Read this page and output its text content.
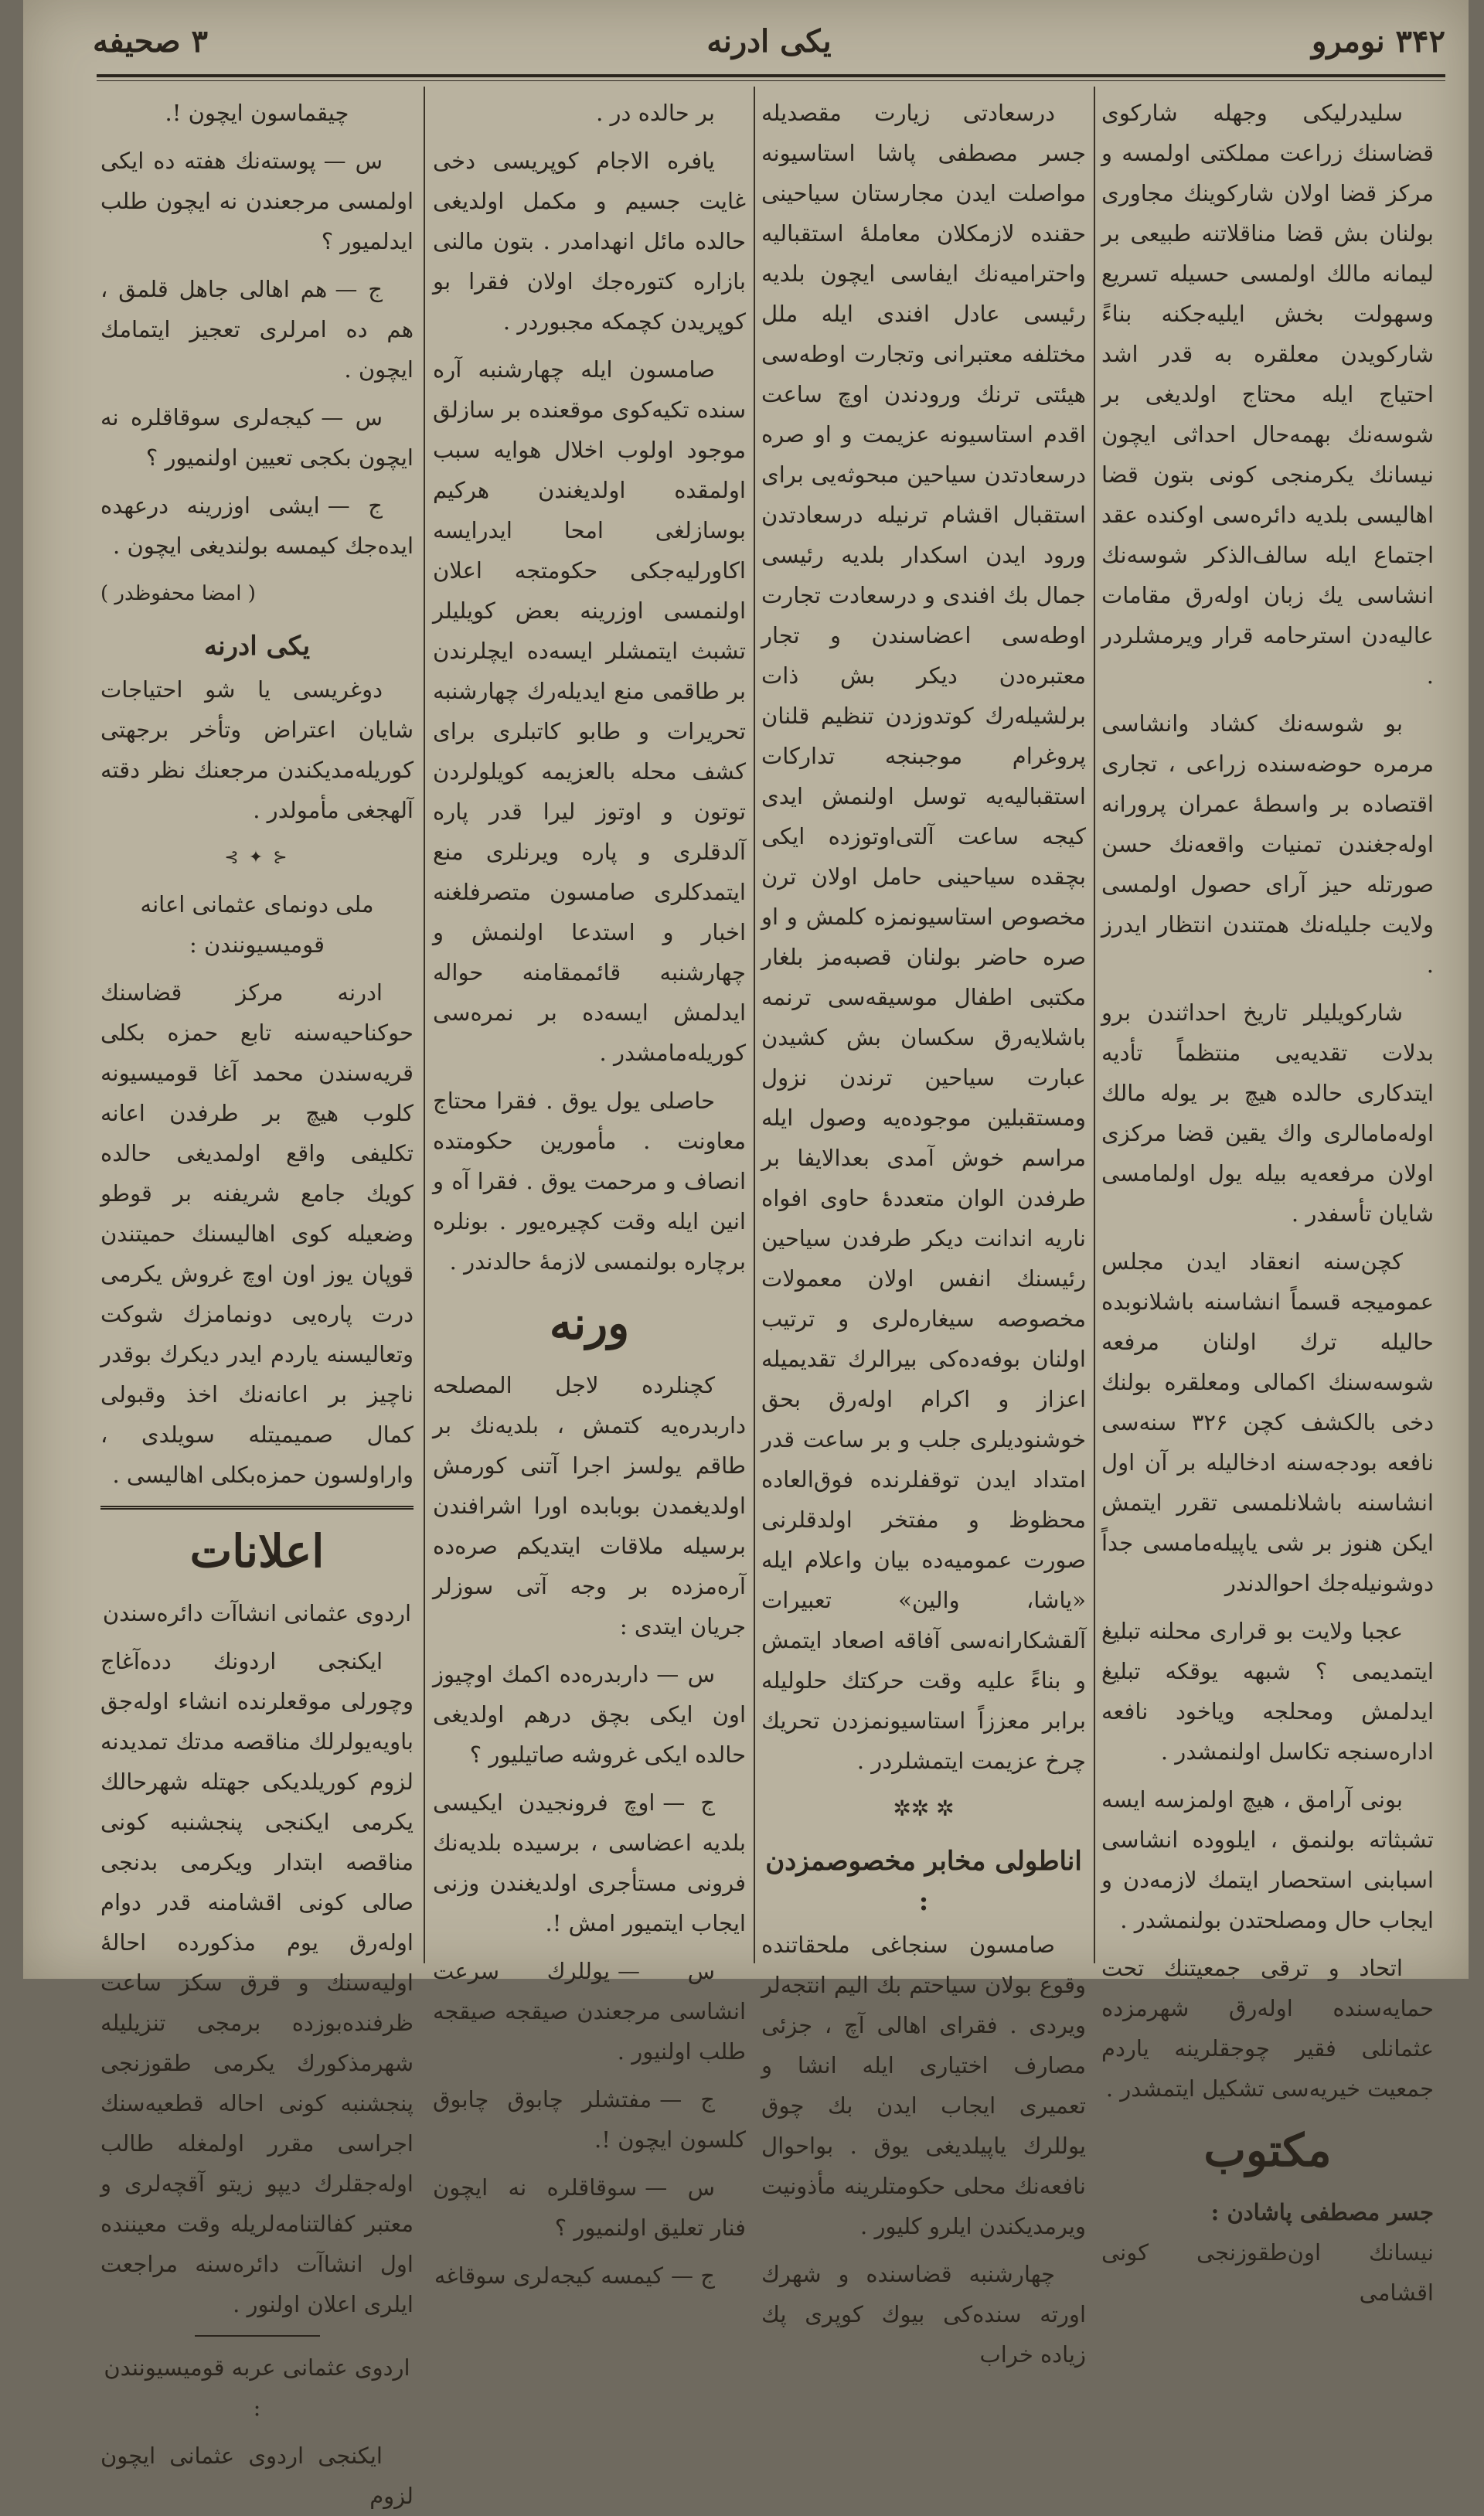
۳۴۲ نومرو
یکی ادرنه
۳ صحیفه

سلیدرلیکی وجهله شارکوی قضاسنك زراعت مملکتی اولمسه و مرکز قضا اولان شارکوینك مجاوری بولنان بش قضا مناقلاتنه طبیعی بر لیمانه مالك اولمسی حسیله تسریع وسهولت بخش ایلیه‌جکنه بناءً شارکویدن معلقره به قدر اشد احتیاج ایله محتاج اولدیغی بر شوسه‌نك بهمه‌حال احداثی ایچون نیسانك یکرمنجی کونی بتون قضا اهالیسی بلدیه دائره‌سی اوکنده عقد اجتماع ایله سالف‌الذکر شوسه‌نك انشاسی یك زبان اوله‌رق مقامات عالیه‌دن استرحامه قرار ویرمشلردر .

بو شوسه‌نك کشاد وانشاسی مرمره حوضه‌سنده زراعی ، تجاری اقتصاده بر واسطهٔ عمران پرورانه اوله‌جغندن تمنیات واقعه‌نك حسن صورتله حیز آرای حصول اولمسی ولایت جلیله‌نك همتندن انتظار ایدرز .

شارکویلیلر تاریخ احداثندن برو بدلات تقدیه‌یی منتظماً تأدیه ایتدکاری حالده هیچ بر یوله مالك اوله‌مامالری واك یقین قضا مرکزی اولان مرفعه‌یه بیله یول اولمامسی شایان تأسفدر .

کچن‌سنه انعقاد ایدن مجلس عمومیجه قسماً انشاسنه باشلانوبده حالیله ترك اولنان مرفعه شوسه‌سنك اکمالی ومعلقره بولنك دخی بالکشف کچن ۳۲۶ سنه‌سی نافعه بودجه‌سنه ادخالیله بر آن اول انشاسنه باشلانلمسی تقرر ایتمش ایکن هنوز بر شی یاپیله‌مامسی جداً دوشونیله‌جك احوالدندر

عجبا ولایت بو قراری محلنه تبلیغ ایتمدیمی ؟ شبهه یوقکه تبلیغ ایدلمش ومحلجه ویاخود نافعه اداره‌سنجه تکاسل اولنمشدر .

بونی آرامق ، هیچ اولمزسه ایسه تشبثاته بولنمق ، ایلووده انشاسی اسبابنی استحصار ایتمك لازمه‌دن و ایجاب حال ومصلحتدن بولنمشدر .

اتحاد و ترقی جمعیتنك تحت حمایه‌سنده اوله‌رق شهرمزده عثمانلی فقیر چوجقلرینه یاردم جمعیت خیریه‌سی تشکیل ایتمشدر .

مکتوب
جسر مصطفی پاشادن :
نیسانك اون‌طقوزنجی کونی اقشامی

درسعادتی زیارت مقصدیله جسر مصطفی پاشا استاسیونه مواصلت ایدن مجارستان سیاحینی حقنده لازمکلان معاملهٔ استقبالیه واحترامیه‌نك ایفاسی ایچون بلدیه رئیسی عادل افندی ایله ملل مختلفه معتبرانی وتجارت اوطه‌سی هیئتی ترنك ورودندن اوچ ساعت اقدم استاسیونه عزیمت و او صره درسعادتدن سیاحین مبحوثه‌یی برای استقبال اقشام ترنیله درسعادتدن ورود ایدن اسکدار بلدیه رئیسی جمال بك افندی و درسعادت تجارت اوطه‌سی اعضاسندن و تجار معتبره‌دن دیکر بش ذات برلشیله‌رك کوتدوزدن تنظیم قلنان پروغرام موجبنجه تدارکات استقبالیه‌یه توسل اولنمش ایدی کیجه ساعت آلتی‌اوتوزده ایکی بچقده سیاحینی حامل اولان ترن مخصوص استاسیونمزه کلمش و او صره حاضر بولنان قصبه‌مز بلغار مکتبی اطفال موسیقه‌سی ترنمه باشلایه‌رق سکسان بش کشیدن عبارت سیاحین ترندن نزول ومستقبلین موجوده‌یه وصول ایله مراسم خوش آمدی بعدالایفا بر طرفدن الوان متعددهٔ حاوی افواه ناریه اندانت دیکر طرفدن سیاحین رئیسنك انفس اولان معمولات مخصوصه سیغاره‌لری و ترتیب اولنان بوفه‌ده‌کی بیرالرك تقدیمیله اعزاز و اکرام اوله‌رق بحق خوشنودیلری جلب و بر ساعت قدر امتداد ایدن توقفلرنده فوق‌العاده محظوظ و مفتخر اولدقلرنی صورت عمومیه‌ده بیان واعلام ایله «یاشا، والین» تعبیرات آلقشکارانه‌سی آفاقه اصعاد ایتمش و بناءً علیه وقت حرکتك حلولیله برابر معززاً استاسیونمزدن تحریك چرخ عزیمت ایتمشلردر .

✲ ✲✲
اناطولی مخابر مخصوصمزدن :

صامسون سنجاغی ملحقاتنده وقوع بولان سیاحتم بك الیم انتجه‌لر ویردی . فقرای اهالی آچ ، جزئی مصارف اختیاری ایله انشا و تعمیری ایجاب ایدن بك چوق یوللرك یاپیلدیغی یوق . بواحوال نافعه‌نك محلی حکومتلرینه مأذونیت ویرمدیکندن ایلرو کلیور .

چهارشنبه قضاسنده و شهرك اورته سنده‌کی بیوك کوپری پك زیاده خراب

بر حالده در .

یافره الاجام کوپریسی دخی غایت جسیم و مکمل اولدیغی حالده مائل انهدامدر . بتون مالنی بازاره کتوره‌جك اولان فقرا بو کوپریدن کچمکه مجبوردر .

صامسون ایله چهارشنبه آره سنده تکیه‌کوی موقعنده بر سازلق موجود اولوب اخلال هوایه سبب اولمقده اولدیغندن هرکیم بوسازلغی امحا ایدرایسه اکاورلیه‌جکی حکومتجه اعلان اولنمسی اوزرینه بعض کویلیلر تشبث ایتمشلر ایسه‌ده ایچلرندن بر طاقمی منع ایدیله‌رك چهارشنبه تحریرات و طابو کاتبلری برای کشف محله بالعزیمه کویلولردن توتون و اوتوز لیرا قدر پاره آلدقلری و پاره ویرنلری منع ایتمدکلری صامسون متصرفلغنه اخبار و استدعا اولنمش و چهارشنبه قائممقامنه حواله ایدلمش ایسه‌ده بر نمره‌سی کوریله‌مامشدر .

حاصلی یول یوق . فقرا محتاج معاونت . مأمورین حکومتده انصاف و مرحمت یوق . فقرا آه و انین ایله وقت کچیره‌یور . بونلره برچاره بولنمسی لازمهٔ حالدندر .

ورنه

کچنلرده لاجل المصلحه داربدره‌یه کتمش ، بلدیه‌نك بر طاقم یولسز اجرا آتنی کورمش اولدیغمدن بوبابده اورا اشرافندن برسیله ملاقات ایتدیکم صره‌ده آره‌مزده بر وجه آتی سوزلر جریان ایتدی :

س —داربدره‌ده اکمك اوچیوز اون ایکی بچق درهم اولدیغی حالده ایکی غروشه صاتیلیور ؟

ج —اوچ فرونجیدن ایکیسی بلدیه اعضاسی ، برسیده بلدیه‌نك فرونی مستأجری اولدیغندن وزنی ایجاب ایتمیور امش !.

س —یوللرك سرعت انشاسی مرجعندن صیقجه صیقجه طلب اولنیور .

ج —مفتشلر چابوق چابوق کلسون ایچون !.

س —سوقاقلره نه ایچون فنار تعلیق اولنمیور ؟

ج —کیمسه کیجه‌لری سوقاغه

چیقماسون ایچون !.

س —پوسته‌نك هفته ده ایکی اولمسی مرجعندن نه ایچون طلب ایدلمیور ؟

ج —هم اهالی جاهل قلمق ، هم ده امرلری تعجیز ایتمامك ایچون .

س —کیجه‌لری سوقاقلره نه ایچون بکجی تعیین اولنمیور ؟

ج —ایشی اوزرینه درعهده ایده‌جك کیمسه بولندیغی ایچون .

( امضا محفوظدر )
یکی ادرنه

دوغریسی یا شو احتیاجات شایان اعتراض وتأخر برجهتی کوریله‌مدیکندن مرجعنك نظر دقته آلهجغی مأمولدر .

⊰ ✦ ⊱

ملی دونمای عثمانی اعانه قومیسیونندن :

ادرنه مرکز قضاسنك حوکناحیه‌سنه تابع حمزه بکلی قریه‌سندن محمد آغا قومیسیونه کلوب هیچ بر طرفدن اعانه تکلیفی واقع اولمدیغی حالده کویك جامع شریفنه بر قوطو وضعیله کوی اهالیسنك حمیتندن قوپان یوز اون اوچ غروش یکرمی درت پاره‌یی دونمامزك شوکت وتعالیسنه یاردم ایدر دیکرك بوقدر ناچیز بر اعانه‌نك اخذ وقبولی کمال صمیمیتله سویلدی ، واراولسون حمزه‌بکلی اهالیسی .

اعلانات

اردوی عثمانی انشاآت دائره‌سندن

ایکنجی اردونك دده‌آغاج وچورلی موقعلرنده انشاء اوله‌جق باویه‌یولرلك مناقصه مدتك تمدیدنه لزوم کوریلدیکی جهتله شهرحالك یکرمی ایکنجی پنجشنبه کونی مناقصه ابتدار ویکرمی بدنجی صالی کونی اقشامنه قدر دوام اوله‌رق یوم مذکورده احاله‌ٔ اولیه‌سنك و قرق سکز ساعت ظرفنده‌بوزده برمجی تنزیلیله شهرمذکورك یکرمی طقوزنجی پنجشنبه کونی احاله قطعیه‌سنك اجراسی مقرر اولمغله طالب اوله‌جقلرك دیپو زیتو آقچه‌لری و معتبر کفالتنامه‌لریله وقت معیننده اول انشاآت دائره‌سنه مراجعت ایلری اعلان اولنور .

اردوی عثمانی عربه قومیسیونندن :

ایکنجی اردوی عثمانی ایچون لزوم
